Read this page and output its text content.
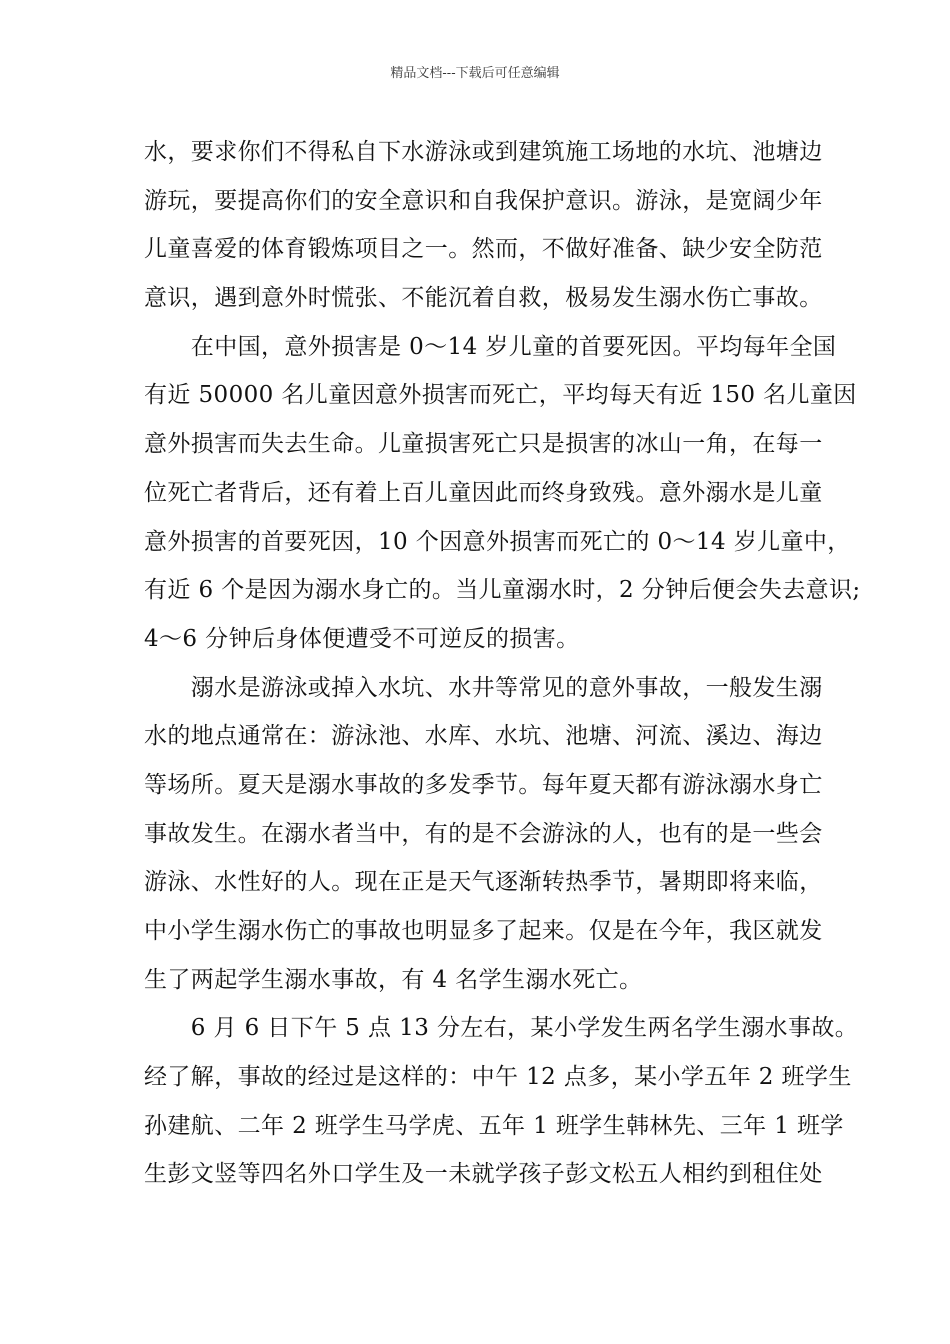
精品文档---下载后可任意编辑
水，要求你们不得私自下水游泳或到建筑施工场地的水坑、池塘边
游玩，要提高你们的安全意识和自我保护意识。游泳，是宽阔少年
儿童喜爱的体育锻炼项目之一。然而，不做好准备、缺少安全防范
意识，遇到意外时慌张、不能沉着自救，极易发生溺水伤亡事故。
　　在中国，意外损害是 0～14 岁儿童的首要死因。平均每年全国
有近 50000 名儿童因意外损害而死亡，平均每天有近 150 名儿童因
意外损害而失去生命。儿童损害死亡只是损害的冰山一角，在每一
位死亡者背后，还有着上百儿童因此而终身致残。意外溺水是儿童
意外损害的首要死因，10 个因意外损害而死亡的 0～14 岁儿童中，
有近 6 个是因为溺水身亡的。当儿童溺水时，2 分钟后便会失去意识;
4～6 分钟后身体便遭受不可逆反的损害。
　　溺水是游泳或掉入水坑、水井等常见的意外事故，一般发生溺
水的地点通常在：游泳池、水库、水坑、池塘、河流、溪边、海边
等场所。夏天是溺水事故的多发季节。每年夏天都有游泳溺水身亡
事故发生。在溺水者当中，有的是不会游泳的人，也有的是一些会
游泳、水性好的人。现在正是天气逐渐转热季节，暑期即将来临，
中小学生溺水伤亡的事故也明显多了起来。仅是在今年，我区就发
生了两起学生溺水事故，有 4 名学生溺水死亡。
　　6 月 6 日下午 5 点 13 分左右，某小学发生两名学生溺水事故。
经了解，事故的经过是这样的：中午 12 点多，某小学五年 2 班学生
孙建航、二年 2 班学生马学虎、五年 1 班学生韩林先、三年 1 班学
生彭文竖等四名外口学生及一未就学孩子彭文松五人相约到租住处
